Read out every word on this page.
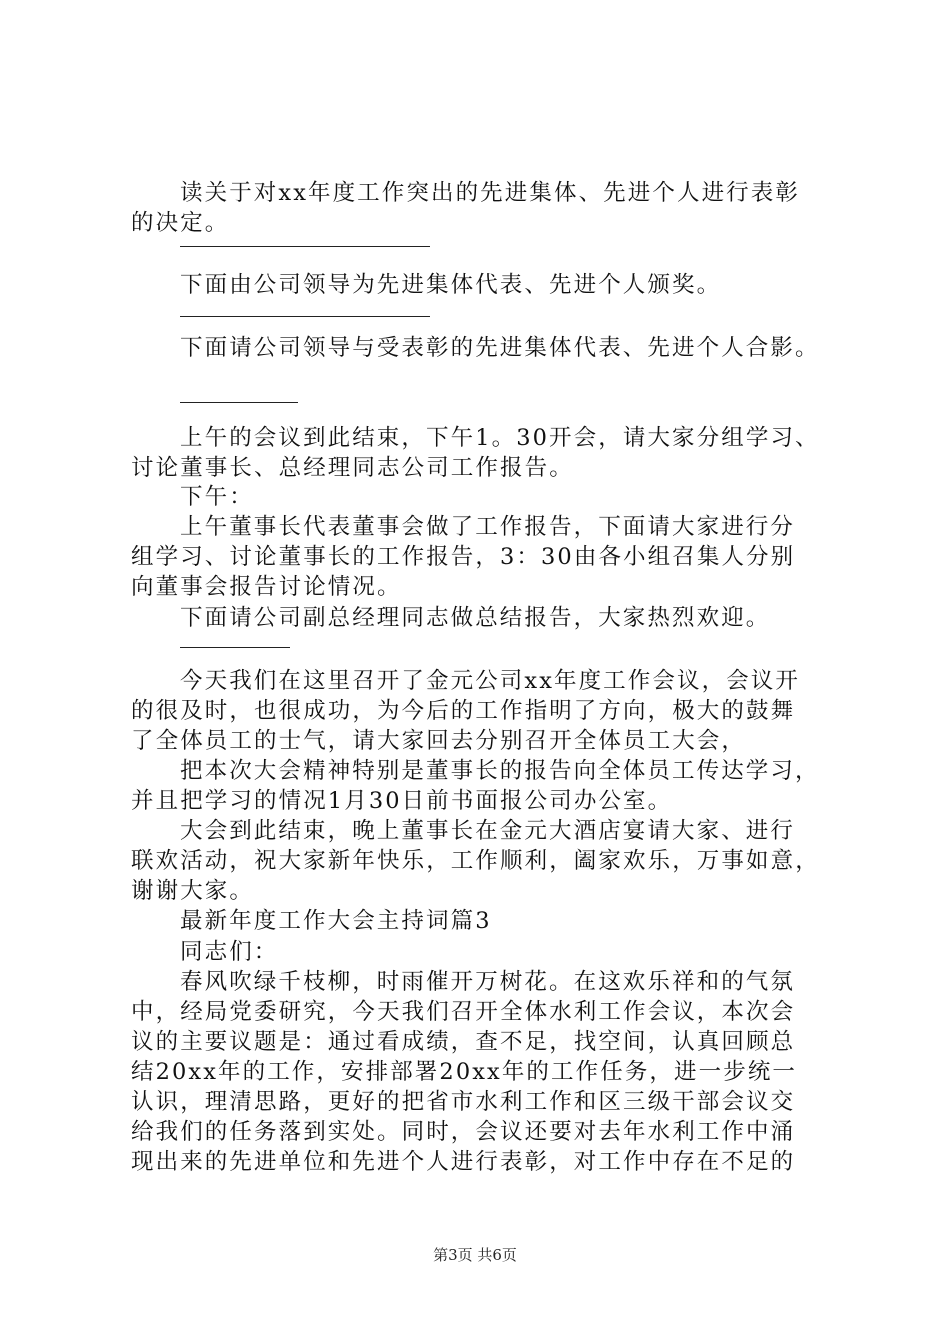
读关于对xx年度工作突出的先进集体、先进个人进行表彰
的决定。
下面由公司领导为先进集体代表、先进个人颁奖。
下面请公司领导与受表彰的先进集体代表、先进个人合影。
上午的会议到此结束，下午1。30开会，请大家分组学习、
讨论董事长、总经理同志公司工作报告。
下午：
上午董事长代表董事会做了工作报告，下面请大家进行分
组学习、讨论董事长的工作报告，3：30由各小组召集人分别
向董事会报告讨论情况。
下面请公司副总经理同志做总结报告，大家热烈欢迎。
今天我们在这里召开了金元公司xx年度工作会议，会议开
的很及时，也很成功，为今后的工作指明了方向，极大的鼓舞
了全体员工的士气，请大家回去分别召开全体员工大会，
把本次大会精神特别是董事长的报告向全体员工传达学习，
并且把学习的情况1月30日前书面报公司办公室。
大会到此结束，晚上董事长在金元大酒店宴请大家、进行
联欢活动，祝大家新年快乐，工作顺利，阖家欢乐，万事如意，
谢谢大家。
最新年度工作大会主持词篇3
同志们：
春风吹绿千枝柳，时雨催开万树花。在这欢乐祥和的气氛
中，经局党委研究，今天我们召开全体水利工作会议，本次会
议的主要议题是：通过看成绩，查不足，找空间，认真回顾总
结20xx年的工作，安排部署20xx年的工作任务，进一步统一
认识，理清思路，更好的把省市水利工作和区三级干部会议交
给我们的任务落到实处。同时，会议还要对去年水利工作中涌
现出来的先进单位和先进个人进行表彰，对工作中存在不足的
第3页 共6页
